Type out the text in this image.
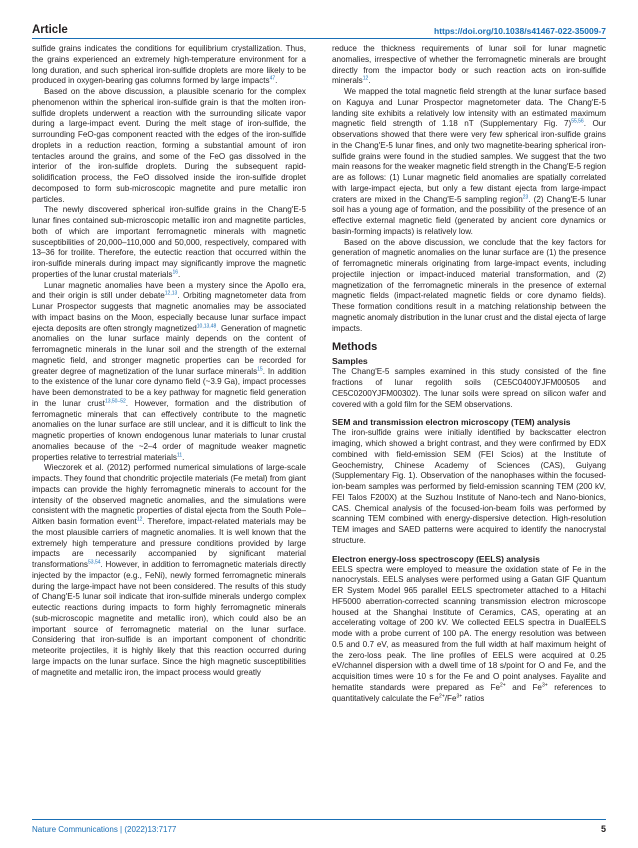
Article	https://doi.org/10.1038/s41467-022-35009-7

sulfide grains indicates the conditions for equilibrium crystallization. Thus, the grains experienced an extremely high-temperature environment for a long duration, and such spherical iron-sulfide droplets are more likely to be produced in oxygen-bearing gas columns formed by large impacts$^{47}$.

Based on the above discussion, a plausible scenario for the complex phenomenon within the spherical iron-sulfide grain is that the molten iron-sulfide droplets underwent a reaction with the surrounding silicate vapor during a large-impact event. During the melt stage of iron-sulfide, the surrounding FeO-gas component reacted with the edges of the iron-sulfide droplets in a reduction reaction, forming a substantial amount of iron tentacles around the grains, and some of the FeO gas dissolved in the interior of the iron-sulfide droplets. During the subsequent rapid-solidification process, the FeO dissolved inside the iron-sulfide droplet decomposed to form sub-microscopic magnetite and pure metallic iron particles.

The newly discovered spherical iron-sulfide grains in the Chang'E-5 lunar fines contained sub-microscopic metallic iron and magnetite particles, both of which are important ferromagnetic minerals with magnetic susceptibilities of 20,000–110,000 and 50,000, respectively, compared with 13–36 for troilite. Therefore, the eutectic reaction that occurred within the iron-sulfide minerals during impact may significantly improve the magnetic properties of the lunar crustal materials$^{16}$.

Lunar magnetic anomalies have been a mystery since the Apollo era, and their origin is still under debate$^{12,13}$. Orbiting magnetometer data from Lunar Prospector suggests that magnetic anomalies may be associated with impact basins on the Moon, especially because lunar surface impact ejecta deposits are often strongly magnetized$^{10,13,48}$. Generation of magnetic anomalies on the lunar surface mainly depends on the content of ferromagnetic minerals in the lunar soil and the strength of the external magnetic field, and stronger magnetic properties can be recorded for greater degree of magnetization of the lunar surface minerals$^{15}$. In addition to the existence of the lunar core dynamo field (~3.9 Ga), impact processes have been demonstrated to be a key pathway for magnetic field generation in the lunar crust$^{13,50-52}$. However, formation and the distribution of ferromagnetic minerals that can effectively contribute to the magnetic anomalies on the lunar surface are still unclear, and it is difficult to link the magnetic properties of known endogenous lunar materials to lunar crustal anomalies because of the ~2–4 order of magnitude weaker magnetic properties relative to terrestrial materials$^{11}$.

Wieczorek et al. (2012) performed numerical simulations of large-scale impacts. They found that chondritic projectile materials (Fe metal) from giant impacts can provide the highly ferromagnetic minerals to account for the intensity of the observed magnetic anomalies, and the simulations were consistent with the magnetic properties of distal ejecta from the South Pole–Aitken basin formation event$^{12}$. Therefore, impact-related materials may be the most plausible carriers of magnetic anomalies. It is well known that the extremely high temperature and pressure conditions provided by large impacts are necessarily accompanied by significant material transformations$^{53,54}$. However, in addition to ferromagnetic materials directly injected by the impactor (e.g., FeNi), newly formed ferromagnetic minerals during the large-impact have not been considered. The results of this study of Chang'E-5 lunar soil indicate that iron-sulfide minerals undergo complex eutectic reactions during impacts to form highly ferromagnetic minerals (sub-microscopic magnetite and metallic iron), which could also be an important source of ferromagnetic material on the lunar surface. Considering that iron-sulfide is an important component of chondritic meteorite projectiles, it is highly likely that this reaction occurred during large impacts on the lunar surface. Since the high magnetic susceptibilities of magnetite and metallic iron, the impact process would greatly

reduce the thickness requirements of lunar soil for lunar magnetic anomalies, irrespective of whether the ferromagnetic minerals are brought directly from the impactor body or such reaction acts on iron-sulfide minerals$^{12}$.

We mapped the total magnetic field strength at the lunar surface based on Kaguya and Lunar Prospector magnetometer data. The Chang'E-5 landing site exhibits a relatively low intensity with an estimated maximum magnetic field strength of 1.18 nT (Supplementary Fig. 7)$^{55,56}$. Our observations showed that there were very few spherical iron-sulfide grains in the Chang'E-5 lunar fines, and only two magnetite-bearing spherical iron-sulfide grains were found in the studied samples. We suggest that the two main reasons for the weaker magnetic field strength in the Chang'E-5 region are as follows: (1) Lunar magnetic field anomalies are spatially correlated with large-impact ejecta, but only a few distant ejecta from large-impact craters are mixed in the Chang'E-5 sampling region$^{23}$. (2) Chang'E-5 lunar soil has a young age of formation, and the possibility of the presence of an effective external magnetic field (generated by ancient core dynamics or basin-forming impacts) is relatively low.

Based on the above discussion, we conclude that the key factors for generation of magnetic anomalies on the lunar surface are (1) the presence of ferromagnetic minerals originating from large-impact events, including projectile injection or impact-induced material transformation, and (2) magnetization of the ferromagnetic minerals in the presence of external magnetic fields (impact-related magnetic fields or core dynamo fields). These formation conditions result in a matching relationship between the magnetic anomaly distribution in the lunar crust and the distal ejecta of large impacts.

Methods
Samples

The Chang'E-5 samples examined in this study consisted of the fine fractions of lunar regolith soils (CE5C0400YJFM00505 and CE5C0200YJFM00302). The lunar soils were spread on silicon wafer and covered with a gold film for the SEM observations.

SEM and transmission electron microscopy (TEM) analysis

The iron-sulfide grains were initially identified by backscatter electron imaging, which showed a bright contrast, and they were confirmed by EDX combined with field-emission SEM (FEI Scios) at the Institute of Geochemistry, Chinese Academy of Sciences (CAS), Guiyang (Supplementary Fig. 1). Observation of the nanophases within the focused-ion-beam samples was performed by field-emission scanning TEM (200 kV, FEI Talos F200X) at the Suzhou Institute of Nano-tech and Nano-bionics, CAS. Chemical analysis of the focused-ion-beam foils was performed by scanning TEM combined with energy-dispersive detection. High-resolution TEM images and SAED patterns were acquired to identify the nanocrystal structure.

Electron energy-loss spectroscopy (EELS) analysis

EELS spectra were employed to measure the oxidation state of Fe in the nanocrystals. EELS analyses were performed using a Gatan GIF Quantum ER System Model 965 parallel EELS spectrometer attached to a Hitachi HF5000 aberration-corrected scanning transmission electron microscope housed at the Shanghai Institute of Ceramics, CAS, operating at an accelerating voltage of 200 kV. We collected EELS spectra in DualEELS mode with a probe current of 100 pA. The energy resolution was between 0.5 and 0.7 eV, as measured from the full width at half maximum height of the zero-loss peak. The line profiles of EELS were acquired at 0.25 eV/channel dispersion with a dwell time of 18 s/point for O and Fe, and the acquisition times were 10 s for the Fe and O point analyses. Fayalite and hematite standards were prepared as $Fe^{2+}$ and $Fe^{3+}$ references to quantitatively calculate the $Fe^{2+}/Fe^{3+}$ ratios

Nature Communications | (2022)13:7177	5
